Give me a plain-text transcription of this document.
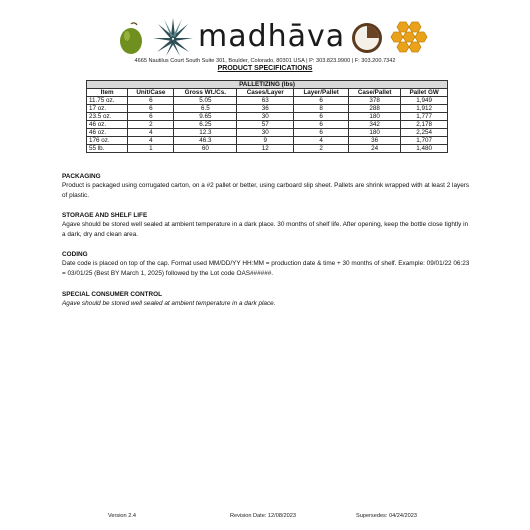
madhāva
4665 Nautilus Court South Suite 301, Boulder, Colorado, 80301 USA | P: 303.823.9900 | F: 303.200.7342
PRODUCT SPECIFICATIONS
PALLETIZING (lbs)						
Item	Unit/Case	Gross Wt./Cs.	Cases/Layer	Layer/Pallet	Case/Pallet	Pallet GW
11.75 oz.	6	5.05	63	6	378	1,949
17 oz.	6	6.5	36	8	288	1,912
23.5 oz.	6	9.65	30	6	180	1,777
46 oz.	2	6.25	57	6	342	2,178
46 oz.	4	12.3	30	6	180	2,254
176 oz.	4	46.3	9	4	36	1,707
55 lb.	1	60	12	2	24	1,480
PACKAGING

Product is packaged using corrugated carton, on a #2 pallet or better, using carboard slip sheet. Pallets are shrink wrapped with at least 2 layers of plastic.

STORAGE AND SHELF LIFE

Agave should be stored well sealed at ambient temperature in a dark place. 30 months of shelf life. After opening, keep the bottle close tightly in a dark, dry and clean area.

CODING

Date code is placed on top of the cap. Format used MM/DD/YY HH:MM = production date & time + 30 months of shelf. Example: 09/01/22 06:23 = 03/01/25 (Best BY March 1, 2025) followed by the Lot code OAS######.

SPECIAL CONSUMER CONTROL

Agave should be stored well sealed at ambient temperature in a dark place.

Version 2.4	Revision Date: 12/08/2023	Supersedes: 04/24/2023
